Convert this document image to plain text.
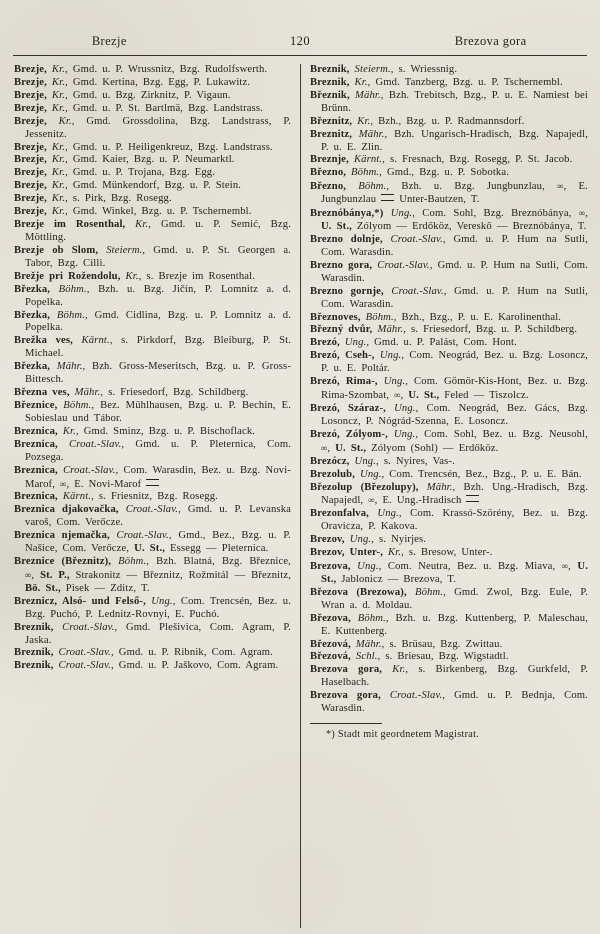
Brezje	120	Brezova gora

Brezje, Kr., Gmd. u. P. Wrussnitz, Bzg. Rudolfswerth.

Brezje, Kr., Gmd. Kertina, Bzg. Egg, P. Lukawitz.

Brezje, Kr., Gmd. u. Bzg. Zirknitz, P. Vigaun.

Brezje, Kr., Gmd. u. P. St. Bartlmä, Bzg. Landstrass.

Brezje, Kr., Gmd. Grossdolina, Bzg. Landstrass, P. Jessenitz.

Brezje, Kr., Gmd. u. P. Heiligenkreuz, Bzg. Landstrass.

Brezje, Kr., Gmd. Kaier, Bzg. u. P. Neumarktl.

Brezje, Kr., Gmd. u. P. Trojana, Bzg. Egg.

Brezje, Kr., Gmd. Münkendorf, Bzg. u. P. Stein.

Brezje, Kr., s. Pirk, Bzg. Rosegg.

Brezje, Kr., Gmd. Winkel, Bzg. u. P. Tschernembl.

Brezje im Rosenthal, Kr., Gmd. u. P. Semić, Bzg. Möttling.

Brezje ob Slom, Steierm., Gmd. u. P. St. Georgen a. Tabor, Bzg. Cilli.

Brežje pri Rožendolu, Kr., s. Brezje im Rosenthal.

Březka, Böhm., Bzh. u. Bzg. Jičín, P. Lomnitz a. d. Popelka.

Březka, Böhm., Gmd. Cidlina, Bzg. u. P. Lomnitz a. d. Popelka.

Brežka ves, Kärnt., s. Pirkdorf, Bzg. Bleiburg, P. St. Michael.

Březka, Mähr., Bzh. Gross-Meseritsch, Bzg. u. P. Gross-Bittesch.

Března ves, Mähr., s. Friesedorf, Bzg. Schildberg.

Březnice, Böhm., Bez. Mühlhausen, Bzg. u. P. Bechin, E. Sobieslau und Tábor.

Breznica, Kr., Gmd. Sminz, Bzg. u. P. Bischoflack.

Breznica, Croat.-Slav., Gmd. u. P. Pleternica, Com. Pozsega.

Breznica, Croat.-Slav., Com. Warasdin, Bez. u. Bzg. Novi-Marof, ∞, E. Novi-Marof

Breznica, Kärnt., s. Friesnitz, Bzg. Rosegg.

Breznica djakovačka, Croat.-Slav., Gmd. u. P. Levanska varoš, Com. Verőcze.

Breznica njemačka, Croat.-Slav., Gmd., Bez., Bzg. u. P. Našice, Com. Verőcze, U. St., Essegg — Pleternica.

Breznice (Březnitz), Böhm., Bzh. Blatná, Bzg. Březnice, ∞, St. P., Strakonitz — Březnitz, Rožmitál — Březnitz, Bö. St., Pisek — Zditz, T.

Breznicz, Alsó- und Felső-, Ung., Com. Trencsén, Bez. u. Bzg. Puchó, P. Lednitz-Rovnyi, E. Puchó.

Breznik, Croat.-Slav., Gmd. Plešivica, Com. Agram, P. Jaska.

Breznik, Croat.-Slav., Gmd. u. P. Ribnik, Com. Agram.

Breznik, Croat.-Slav., Gmd. u. P. Jaškovo, Com. Agram.

Breznik, Steierm., s. Wriessnig.

Breznik, Kr., Gmd. Tanzberg, Bzg. u. P. Tschernembl.

Březnik, Mähr., Bzh. Trebitsch, Bzg., P. u. E. Namiest bei Brünn.

Březnitz, Kr., Bzh., Bzg. u. P. Radmannsdorf.

Breznitz, Mähr., Bzh. Ungarisch-Hradisch, Bzg. Napajedl, P. u. E. Zlin.

Breznje, Kärnt., s. Fresnach, Bzg. Rosegg, P. St. Jacob.

Březno, Böhm., Gmd., Bzg. u. P. Sobotka.

Březno, Böhm., Bzh. u. Bzg. Jungbunzlau, ∞, E. Jungbunzlau  Unter-Bautzen, T.

Breznóbánya,*) Ung., Com. Sohl, Bzg. Breznóbánya, ∞, U. St., Zólyom — Erdőköz, Vereskő — Breznóbánya, T.

Brezno dolnje, Croat.-Slav., Gmd. u. P. Hum na Sutli, Com. Warasdin.

Brezno gora, Croat.-Slav., Gmd. u. P. Hum na Sutli, Com. Warasdin.

Brezno gornje, Croat.-Slav., Gmd. u. P. Hum na Sutli, Com. Warasdin.

Březnoves, Böhm., Bzh., Bzg., P. u. E. Karolinenthal.

Březný dvůr, Mähr., s. Friesedorf, Bzg. u. P. Schildberg.

Brezó, Ung., Gmd. u. P. Palást, Com. Hont.

Brezó, Cseh-, Ung., Com. Neográd, Bez. u. Bzg. Losoncz, P. u. E. Poltár.

Brezó, Rima-, Ung., Com. Gömör-Kis-Hont, Bez. u. Bzg. Rima-Szombat, ∞, U. St., Feled — Tiszolcz.

Brezó, Száraz-, Ung., Com. Neográd, Bez. Gács, Bzg. Losoncz, P. Nógrád-Szenna, E. Losoncz.

Brezó, Zólyom-, Ung., Com. Sohl, Bez. u. Bzg. Neusohl, ∞, U. St., Zólyom (Sohl) — Erdőköz.

Brezócz, Ung., s. Nyires, Vas-.

Brezolub, Ung., Com. Trencsén, Bez., Bzg., P. u. E. Bán.

Březolup (Březolupy), Mähr., Bzh. Ung.-Hradisch, Bzg. Napajedl, ∞, E. Ung.-Hradisch

Brezonfalva, Ung., Com. Krassó-Szörény, Bez. u. Bzg. Oravicza, P. Kakova.

Brezov, Ung., s. Nyirjes.

Brezov, Unter-, Kr., s. Bresow, Unter-.

Brezova, Ung., Com. Neutra, Bez. u. Bzg. Miava, ∞, U. St., Jablonicz — Brezova, T.

Březova (Brezowa), Böhm., Gmd. Zwol, Bzg. Eule, P. Wran a. d. Moldau.

Březova, Böhm., Bzh. u. Bzg. Kuttenberg, P. Maleschau, E. Kuttenberg.

Březová, Mähr., s. Brüsau, Bzg. Zwittau.

Březová, Schl., s. Briesau, Bzg. Wigstadtl.

Brezova gora, Kr., s. Birkenberg, Bzg. Gurkfeld, P. Haselbach.

Brezova gora, Croat.-Slav., Gmd. u. P. Bednja, Com. Warasdin.

*) Stadt mit geordnetem Magistrat.
